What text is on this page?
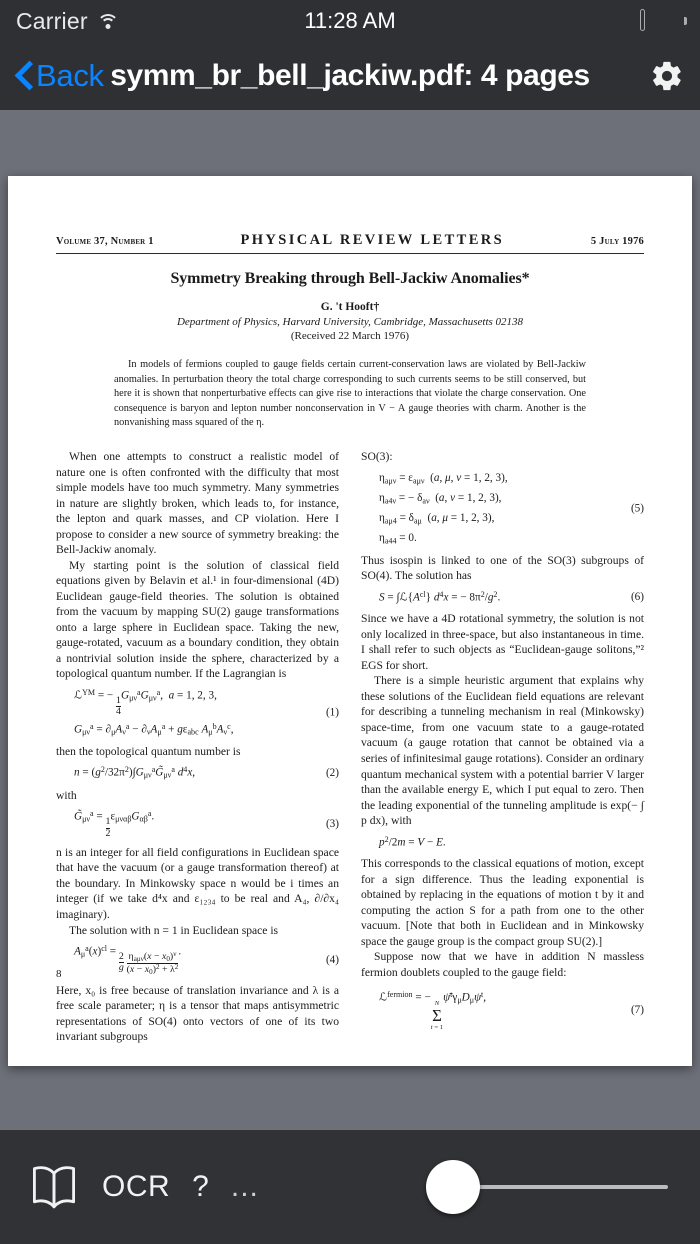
Carrier	11:28 AM
Back symm_br_bell_jackiw.pdf: 4 pages
Volume 37, Number 1	PHYSICAL REVIEW LETTERS	5 July 1976
Symmetry Breaking through Bell-Jackiw Anomalies*
G. 't Hooft†
Department of Physics, Harvard University, Cambridge, Massachusetts 02138
(Received 22 March 1976)
In models of fermions coupled to gauge fields certain current-conservation laws are violated by Bell-Jackiw anomalies. In perturbation theory the total charge corresponding to such currents seems to be still conserved, but here it is shown that nonperturbative effects can give rise to interactions that violate the charge conservation. One consequence is baryon and lepton number nonconservation in V − A gauge theories with charm. Another is the nonvanishing mass squared of the η.

When one attempts to construct a realistic model of nature one is often confronted with the difficulty that most simple models have too much symmetry. Many symmetries in nature are slightly broken, which leads to, for instance, the lepton and quark masses, and CP violation. Here I propose to consider a new source of symmetry breaking: the Bell-Jackiw anomaly.

My starting point is the solution of classical field equations given by Belavin et al.¹ in four-dimensional (4D) Euclidean gauge-field theories. The solution is obtained from the vacuum by mapping SU(2) gauge transformations onto a large sphere in Euclidean space. Taking the new, gauge-rotated, vacuum as a boundary condition, they obtain a nontrivial solution inside the sphere, characterized by a topological quantum number. If the Lagrangian is

ℒ$^{YM}$ = −
$\frac{1}{4}$
$G_{\mu\nu}^aG_{\mu\nu}^a$,  a = 1, 2, 3,
$G_{\mu\nu}^a = \partial_\mu A_\nu^a - \partial_\nu A_\mu^a + g\varepsilon_{abc}$ $A_\mu^bA_\nu^c$,
(1)

then the topological quantum number is

$n = (g^2/32\pi^2)\int G_{\mu\nu}^aG̃_{\mu\nu}^a$ $d^4x$,	(2)

with

$G̃_{\mu\nu}^a$ =
$\frac{1}{2}$
$\varepsilon_{\mu\nu\alpha\beta}G_{\alpha\beta}^a$.
(3)

n is an integer for all field configurations in Euclidean space that have the vacuum (or a gauge transformation thereof) at the boundary. In Minkowsky space n would be i times an integer (if we take d⁴x and ε₁₂₃₄ to be real and A₄, ∂/∂x₄ imaginary).

The solution with n = 1 in Euclidean space is

$A_\mu^a(x)^{cl}$ =
$\frac{2}{g}$
$\frac{\eta_{a\mu\nu}(x - x_0)^\nu}{(x - x_0)^2 + \lambda^2}$ .
(4)

Here, x₀ is free because of translation invariance and λ is a free scale parameter; η is a tensor that maps antisymmetric representations of SO(4) onto vectors of one of its two invariant subgroups

SO(3):

$\eta_{a\mu\nu} = \varepsilon_{a\mu\nu}$  (a, μ, ν = 1, 2, 3),
$\eta_{a4\nu}$ = − $\delta_{a\nu}$  (a, ν = 1, 2, 3),
$\eta_{a\mu 4} = \delta_{a\mu}$  (a, μ = 1, 2, 3),
$\eta_{a44} = 0$.
(5)

Thus isospin is linked to one of the SO(3) subgroups of SO(4). The solution has

$S = \int ℒ\{A^{cl}\} d^4x$ = − $8\pi^2/g^2$.	(6)

Since we have a 4D rotational symmetry, the solution is not only localized in three-space, but also instantaneous in time. I shall refer to such objects as “Euclidean-gauge solitons,”² EGS for short.

There is a simple heuristic argument that explains why these solutions of the Euclidean field equations are relevant for describing a tunneling mechanism in real (Minkowsky) space-time, from one vacuum state to a gauge-rotated vacuum (a gauge rotation that cannot be obtained via a series of infinitesimal gauge rotations). Consider an ordinary quantum mechanical system with a potential barrier V larger than the available energy E, which I put equal to zero. Then the leading exponential of the tunneling amplitude is exp(− ∫ p dx), with

$p^2/2m = V - E$.

This corresponds to the classical equations of motion, except for a sign difference. Thus the leading exponential is obtained by replacing in the equations of motion t by it and computing the action S for a path from one to the other vacuum. [Note that both in Euclidean and in Minkowsky space the gauge group is the compact group SU(2).]

Suppose now that we have in addition N massless fermion doublets coupled to the gauge field:

ℒ$^{fermion}$ = − N
Σ
t = 1
$\psī^t\gamma_\mu D_\mu\psi^t$,
(7)
8
OCR ? ...
